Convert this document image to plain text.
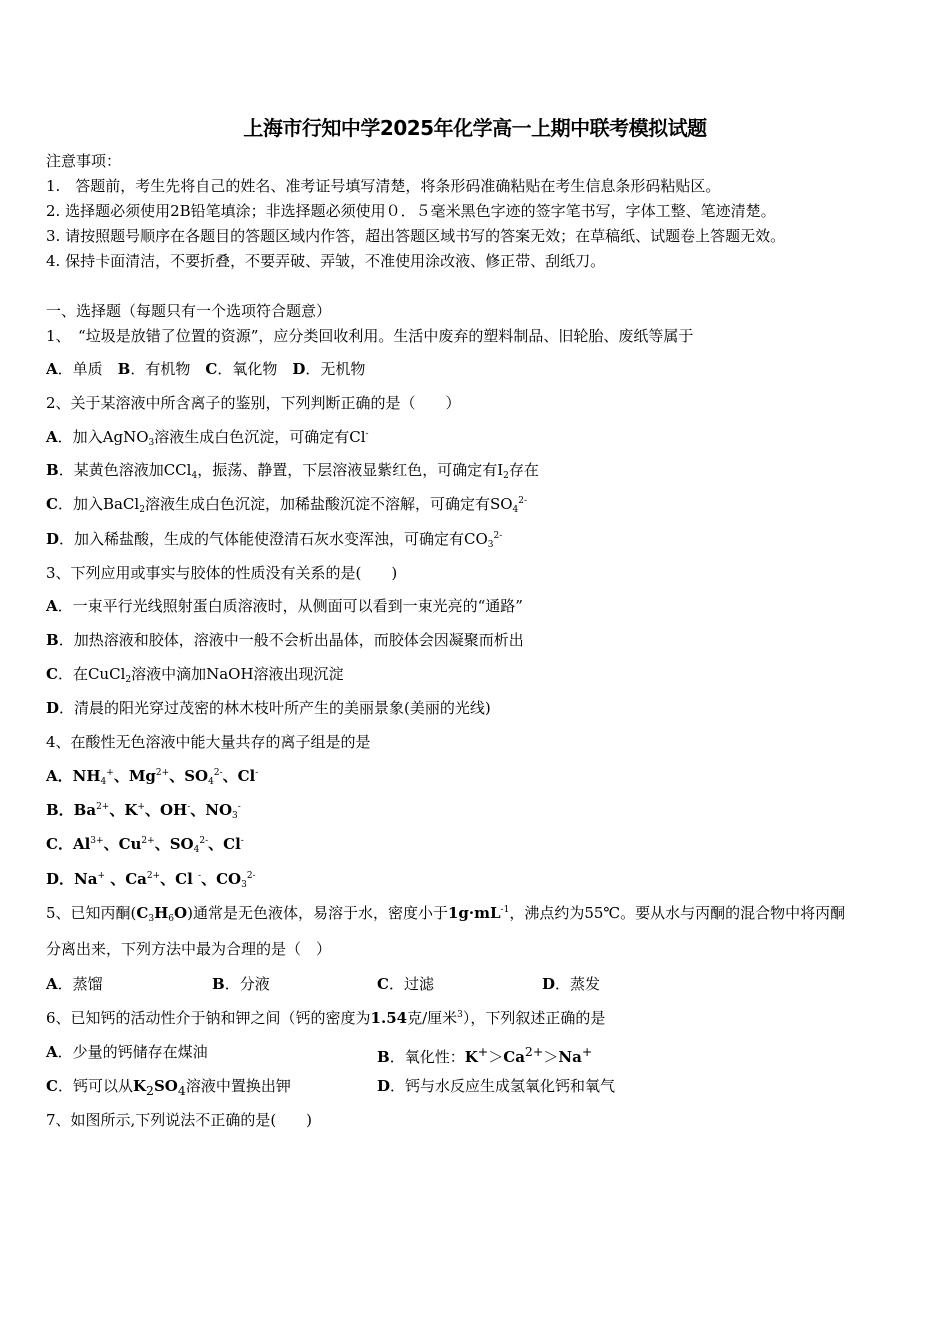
上海市行知中学2025年化学高一上期中联考模拟试题
注意事项：
1.　答题前，考生先将自己的姓名、准考证号填写清楚，将条形码准确粘贴在考生信息条形码粘贴区。
2. 选择题必须使用2B铅笔填涂；非选择题必须使用０．５毫米黑色字迹的签字笔书写，字体工整、笔迹清楚。
3. 请按照题号顺序在各题目的答题区域内作答，超出答题区域书写的答案无效；在草稿纸、试题卷上答题无效。
4. 保持卡面清洁，不要折叠，不要弄破、弄皱，不准使用涂改液、修正带、刮纸刀。
一、选择题（每题只有一个选项符合题意）
1、　“垃圾是放错了位置的资源”，应分类回收利用。生活中废弃的塑料制品、旧轮胎、废纸等属于
A．单质　B．有机物　C．氧化物　D．无机物
2、关于某溶液中所含离子的鉴别，下列判断正确的是（　　）
A．加入AgNO$_3$溶液生成白色沉淀，可确定有Cl-
B．某黄色溶液加CCl$_4$，振荡、静置，下层溶液显紫红色，可确定有$I_2$存在
C．加入BaCl$_2$溶液生成白色沉淀，加稀盐酸沉淀不溶解，可确定有$SO_4^{2-}$
D．加入稀盐酸，生成的气体能使澄清石灰水变浑浊，可确定有$CO_3^{2-}$
3、下列应用或事实与胶体的性质没有关系的是(　　)
A．一束平行光线照射蛋白质溶液时，从侧面可以看到一束光亮的“通路”
B．加热溶液和胶体，溶液中一般不会析出晶体，而胶体会因凝聚而析出
C．在CuCl$_2$溶液中滴加NaOH溶液出现沉淀
D．清晨的阳光穿过茂密的林木枝叶所产生的美丽景象(美丽的光线)
4、在酸性无色溶液中能大量共存的离子组是的是
A．$NH_4^+$、$Mg^{2+}$、$SO_4^{2-}$、Cl-
B．$Ba^{2+}$、K+、OH-、$NO_3^-$
C．$Al^{3+}$、$Cu^{2+}$、$SO_4^{2-}$、Cl-
D．Na+ 、$Ca^{2+}$、Cl -、$CO_3^{2-}$
5、已知丙酮$(C_3H_6O)$通常是无色液体，易溶于水，密度小于$1g\cdot mL^{-1}$，沸点约为55℃。要从水与丙酮的混合物中将丙酮
分离出来，下列方法中最为合理的是（　）
6、已知钙的活动性介于钠和钾之间（钙的密度为1.54克/厘米$^3$），下列叙述正确的是
7、如图所示,下列说法不正确的是(　　)
A．蒸馏	B．分液	C．过滤	D．蒸发
A．少量的钙储存在煤油	B．氧化性：$K^+>Ca^{2+}>Na^+$
C．钙可以从$K_2SO_4$溶液中置换出钾	D．钙与水反应生成氢氧化钙和氧气
